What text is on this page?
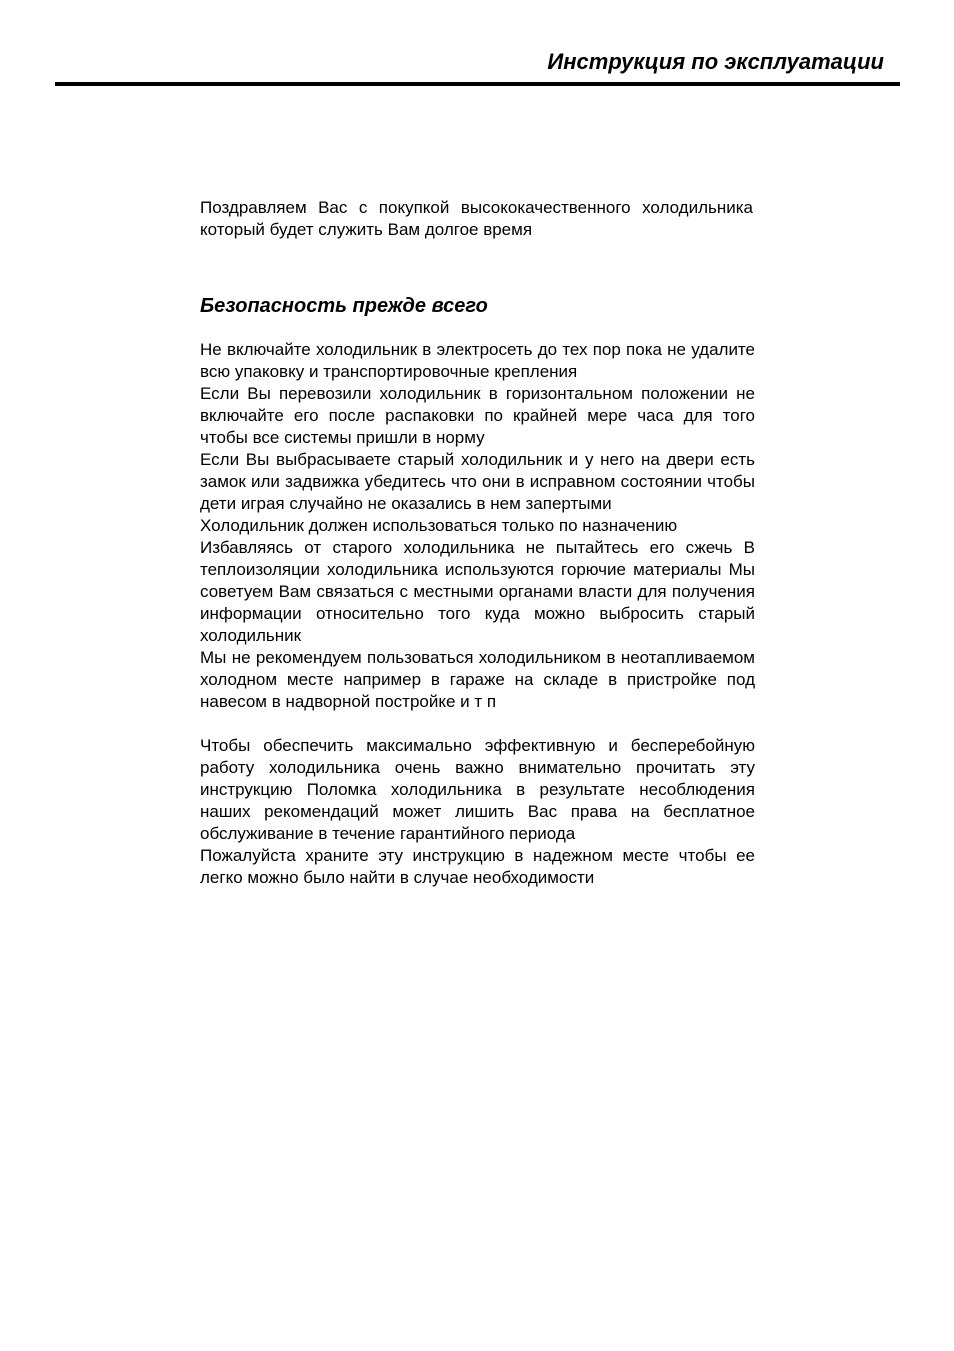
Инструкция по эксплуатации

Поздравляем Вас с покупкой высококачественного холодильника который будет служить Вам долгое время

Безопасность прежде всего

Не включайте холодильник в электросеть до тех пор пока не удалите всю упаковку и транспортировочные крепления

Если Вы перевозили холодильник в горизонтальном положении не включайте его после распаковки по крайней мере часа для того чтобы все системы пришли в норму

Если Вы выбрасываете старый холодильник и у него на двери есть замок или задвижка убедитесь что они в исправном состоянии чтобы дети играя случайно не оказались в нем запертыми

Холодильник должен использоваться только по назначению

Избавляясь от старого холодильника не пытайтесь его сжечь В теплоизоляции холодильника используются горючие материалы Мы советуем Вам связаться с местными органами власти для получения информации относительно того куда можно выбросить старый холодильник

Мы не рекомендуем пользоваться холодильником в неотапливаемом холодном месте например в гараже на складе в пристройке под навесом в надворной постройке и т п

Чтобы обеспечить максимально эффективную и бесперебойную работу холодильника очень важно внимательно прочитать эту инструкцию Поломка холодильника в результате несоблюдения наших рекомендаций может лишить Вас права на бесплатное обслуживание в течение гарантийного периода

Пожалуйста храните эту инструкцию в надежном месте чтобы ее легко можно было найти в случае необходимости
